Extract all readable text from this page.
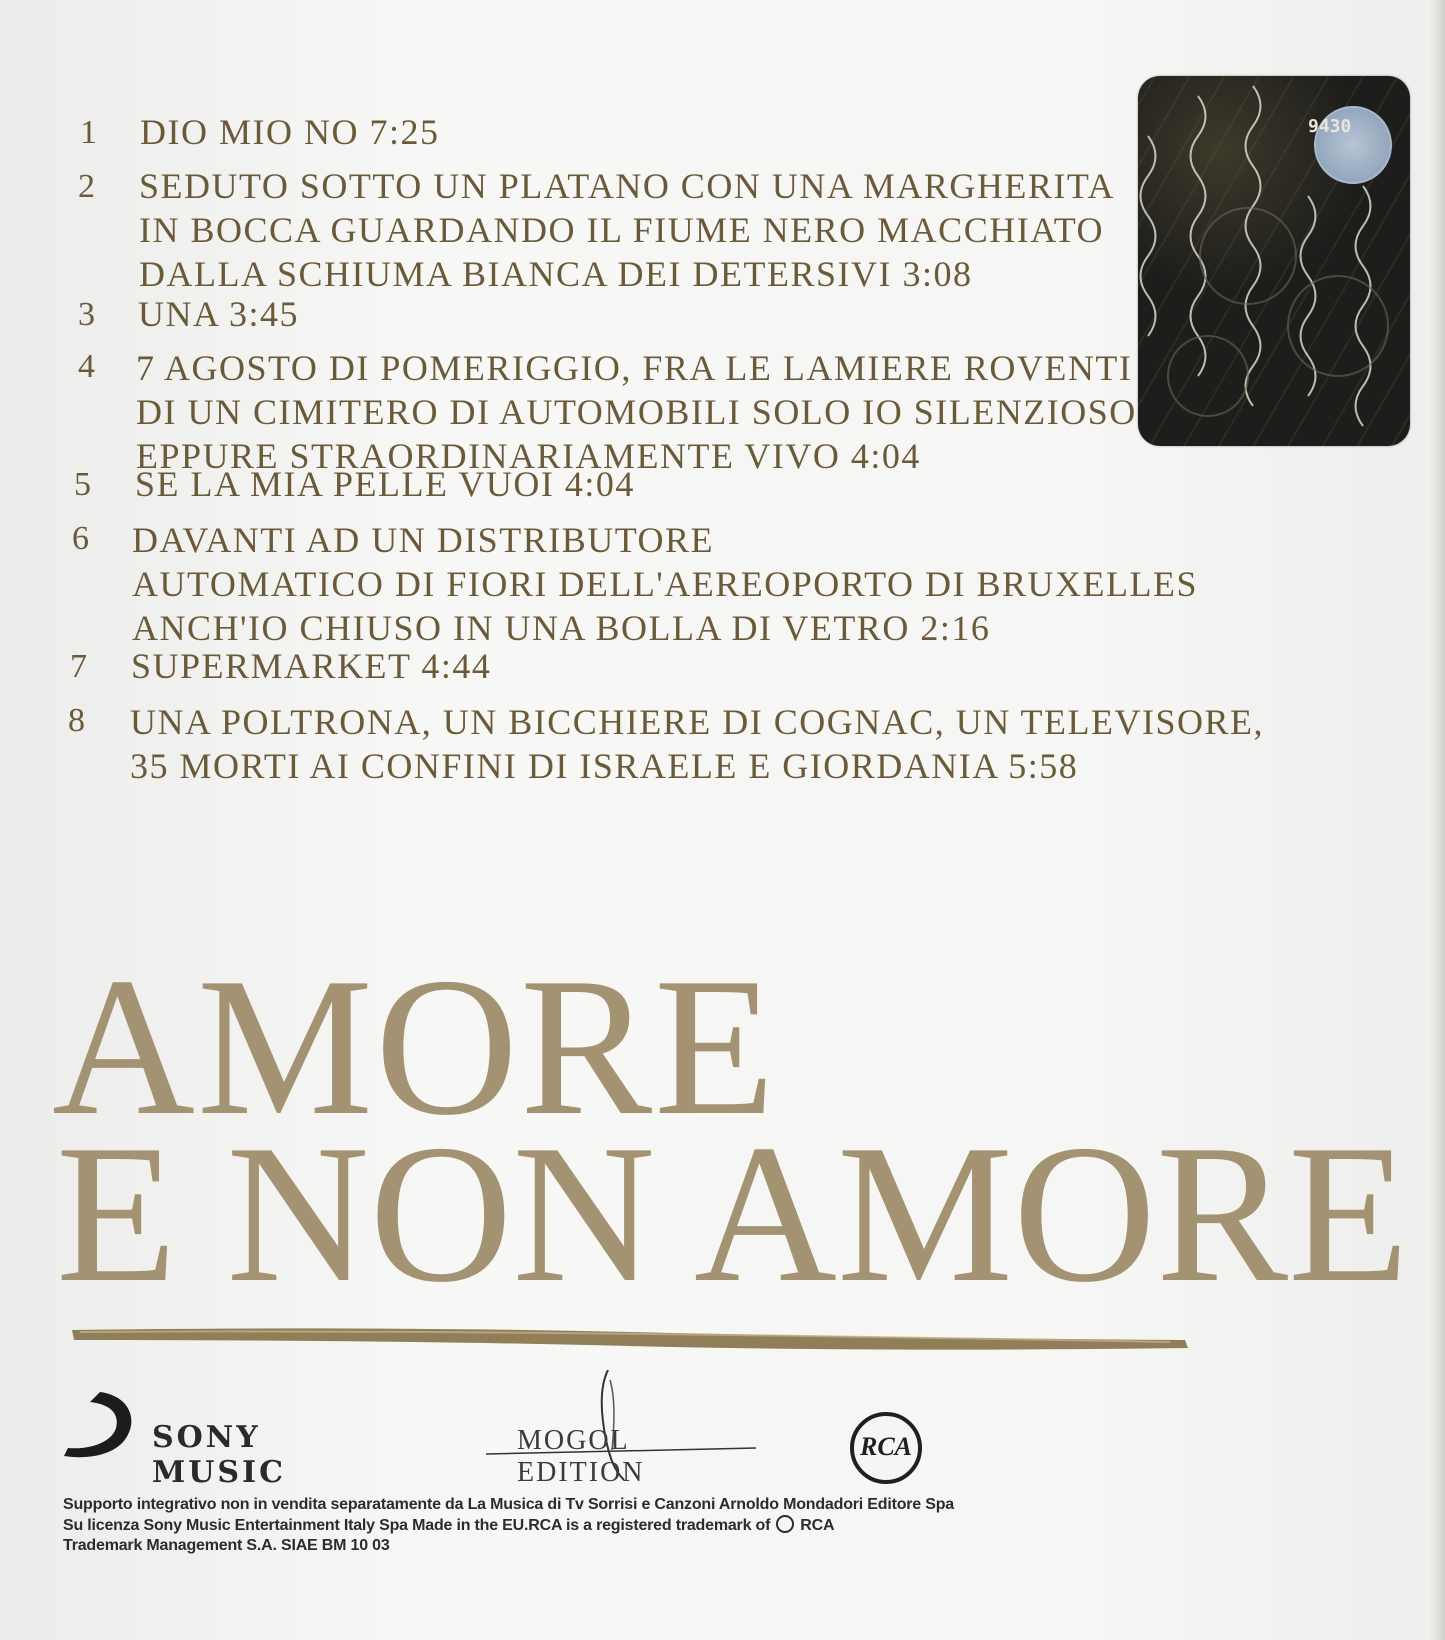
1 DIO MIO NO 7:25
2 SEDUTO SOTTO UN PLATANO CON UNA MARGHERITA
IN BOCCA GUARDANDO IL FIUME NERO MACCHIATO
DALLA SCHIUMA BIANCA DEI DETERSIVI 3:08
3 UNA 3:45
4 7 AGOSTO DI POMERIGGIO, FRA LE LAMIERE ROVENTI
DI UN CIMITERO DI AUTOMOBILI SOLO IO SILENZIOSO
EPPURE STRAORDINARIAMENTE VIVO 4:04
5 SE LA MIA PELLE VUOI 4:04
6 DAVANTI AD UN DISTRIBUTORE
AUTOMATICO DI FIORI DELL'AEREOPORTO DI BRUXELLES
ANCH'IO CHIUSO IN UNA BOLLA DI VETRO 2:16
7 SUPERMARKET 4:44
8 UNA POLTRONA, UN BICCHIERE DI COGNAC, UN TELEVISORE,
35 MORTI AI CONFINI DI ISRAELE E GIORDANIA 5:58
9430
AMORE
E NON AMORE
SONY MUSIC
MOGOL EDITION
RCA
Supporto integrativo non in vendita separatamente da La Musica di Tv Sorrisi e Canzoni Arnoldo Mondadori Editore Spa
Su licenza Sony Music Entertainment Italy Spa Made in the EU.RCA is a registered trademark of RCA
Trademark Management S.A. SIAE BM 10 03
